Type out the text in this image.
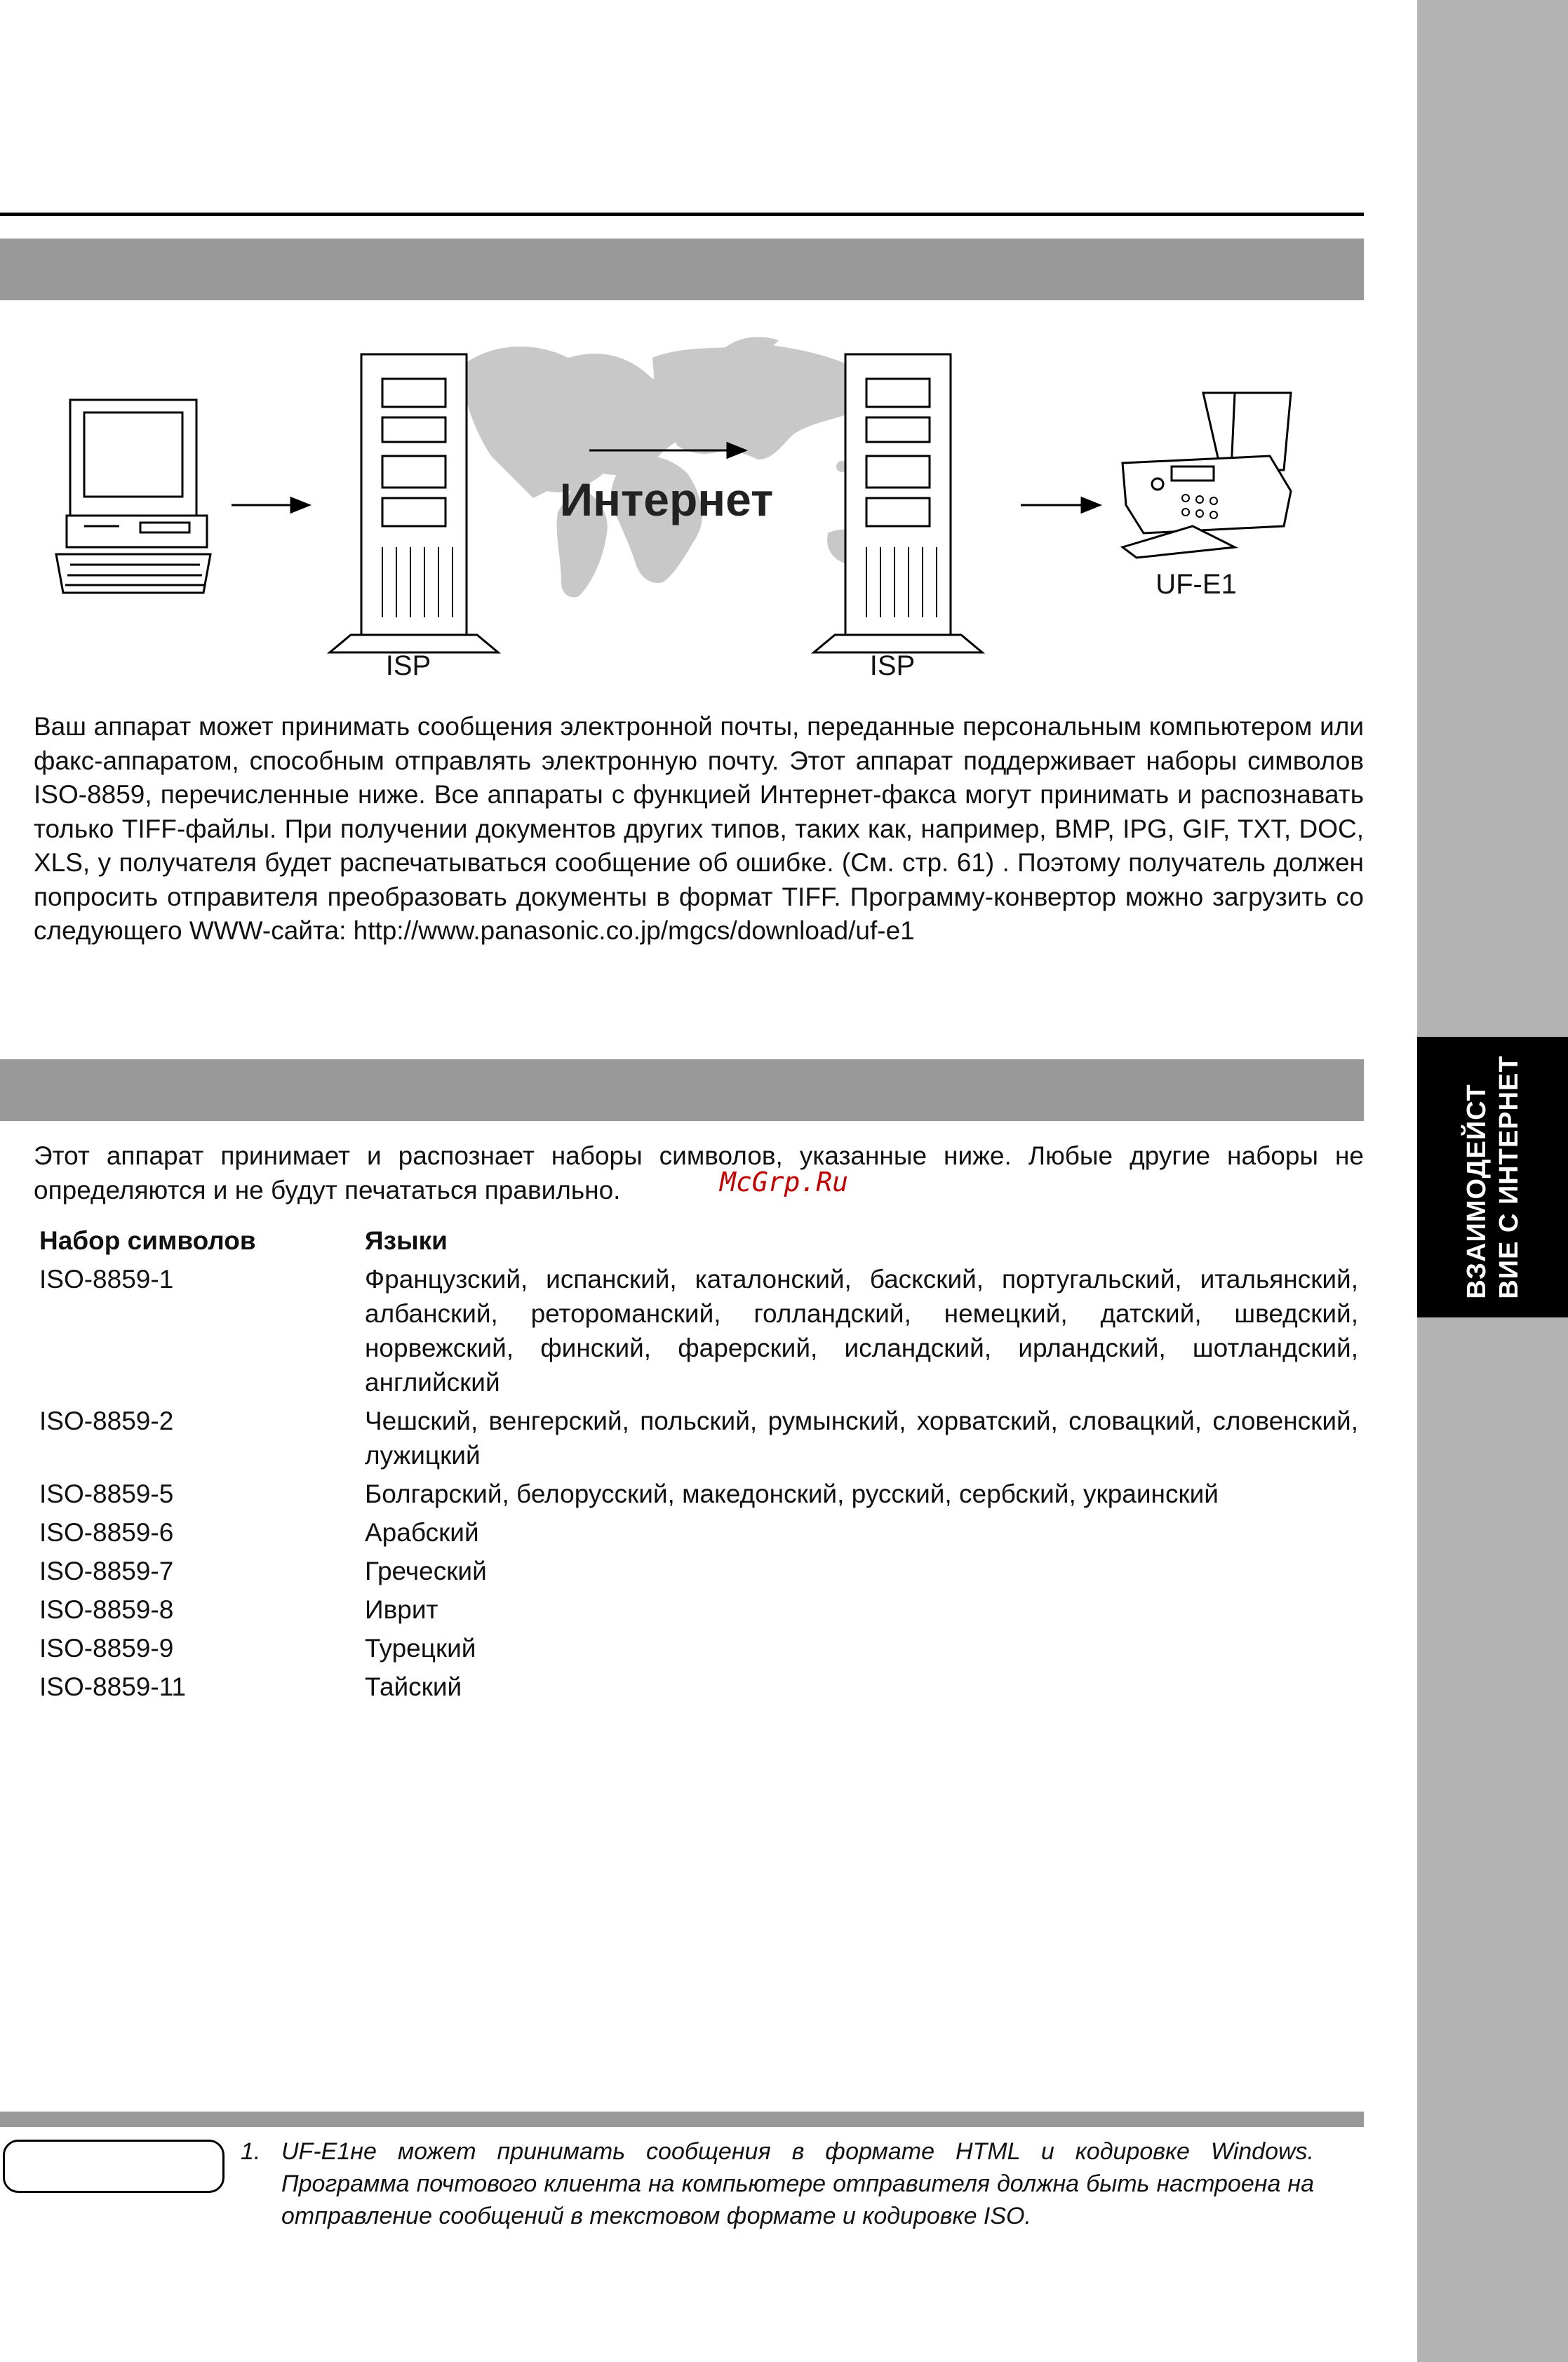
ВЗАИМОДЕЙСТ ВИЕ С ИНТЕРНЕТ
Интернет
ISP	ISP
UF-E1
Ваш аппарат может принимать сообщения электронной почты, переданные персональным компьютером или факс-аппаратом, способным отправлять электронную почту. Этот аппарат поддерживает наборы символов ISO-8859, перечисленные ниже. Все аппараты с функцией Интернет-факса могут принимать и распознавать только TIFF-файлы. При получении документов других типов, таких как, например, BMP, IPG, GIF, TXT, DOC, XLS, у получателя будет распечатываться сообщение об ошибке. (См. стр. 61) . Поэтому получатель должен попросить отправителя преобразовать документы в формат TIFF. Программу-конвертор можно загрузить со следующего WWW-сайта: http://www.panasonic.co.jp/mgcs/download/uf-e1
Этот аппарат принимает и распознает наборы символов, указанные ниже. Любые другие наборы не определяются и не будут печататься правильно.	McGrp.Ru
Набор символов	Языки
ISO-8859-1	Французский, испанский, каталонский, баскский, португальский, итальянский, албанский, ретороманский, голландский, немецкий, датский, шведский, норвежский, финский, фарерский, исландский, ирландский, шотландский, английский
ISO-8859-2	Чешский, венгерский, польский, румынский, хорватский, словацкий, словенский, лужицкий
ISO-8859-5	Болгарский, белорусский, македонский, русский, сербский, украинский
ISO-8859-6	Арабский
ISO-8859-7	Греческий
ISO-8859-8	Иврит
ISO-8859-9	Турецкий
ISO-8859-11	Тайский
1. UF-E1не может принимать сообщения в формате HTML и кодировке Windows. Программа почтового клиента на компьютере отправителя должна быть настроена на отправление сообщений в текстовом формате и кодировке ISO.
